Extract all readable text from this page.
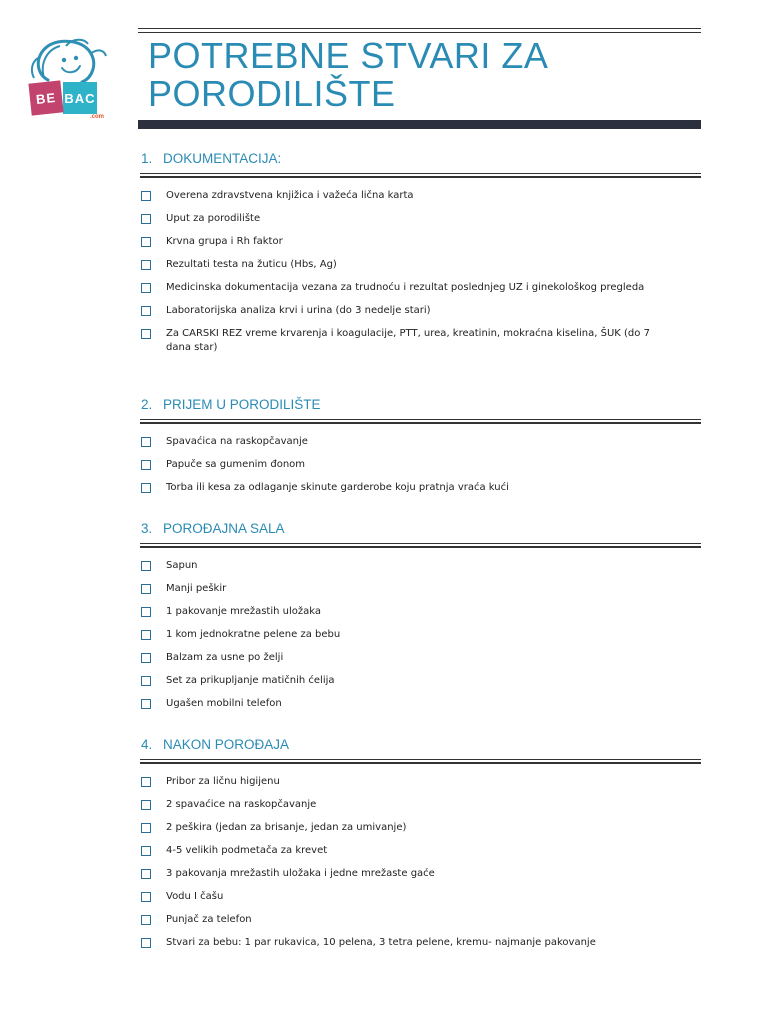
BE BAC
.com
POTREBNE STVARI ZA PORODILIŠTE
1. DOKUMENTACIJA:
Overena zdravstvena knjižica i važeća lična karta
Uput za porodilište
Krvna grupa i Rh faktor
Rezultati testa na žuticu (Hbs, Ag)
Medicinska dokumentacija vezana za trudnoću i rezultat poslednjeg UZ i ginekološkog pregleda
Laboratorijska analiza krvi i urina (do 3 nedelje stari)
Za CARSKI REZ vreme krvarenja i koagulacije, PTT, urea, kreatinin, mokraćna kiselina, ŠUK (do 7 dana star)
2. PRIJEM U PORODILIŠTE
Spavaćica na raskopčavanje
Papuče sa gumenim đonom
Torba ili kesa za odlaganje skinute garderobe koju pratnja vraća kući
3. POROĐAJNA SALA
Sapun
Manji peškir
1 pakovanje mrežastih uložaka
1 kom jednokratne pelene za bebu
Balzam za usne po želji
Set za prikupljanje matičnih ćelija
Ugašen mobilni telefon
4. NAKON POROĐAJA
Pribor za ličnu higijenu
2 spavaćice na raskopčavanje
2 peškira (jedan za brisanje, jedan za umivanje)
4-5 velikih podmetača za krevet
3 pakovanja mrežastih uložaka i jedne mrežaste gaće
Vodu I čašu
Punjač za telefon
Stvari za bebu: 1 par rukavica, 10 pelena, 3 tetra pelene, kremu- najmanje pakovanje
